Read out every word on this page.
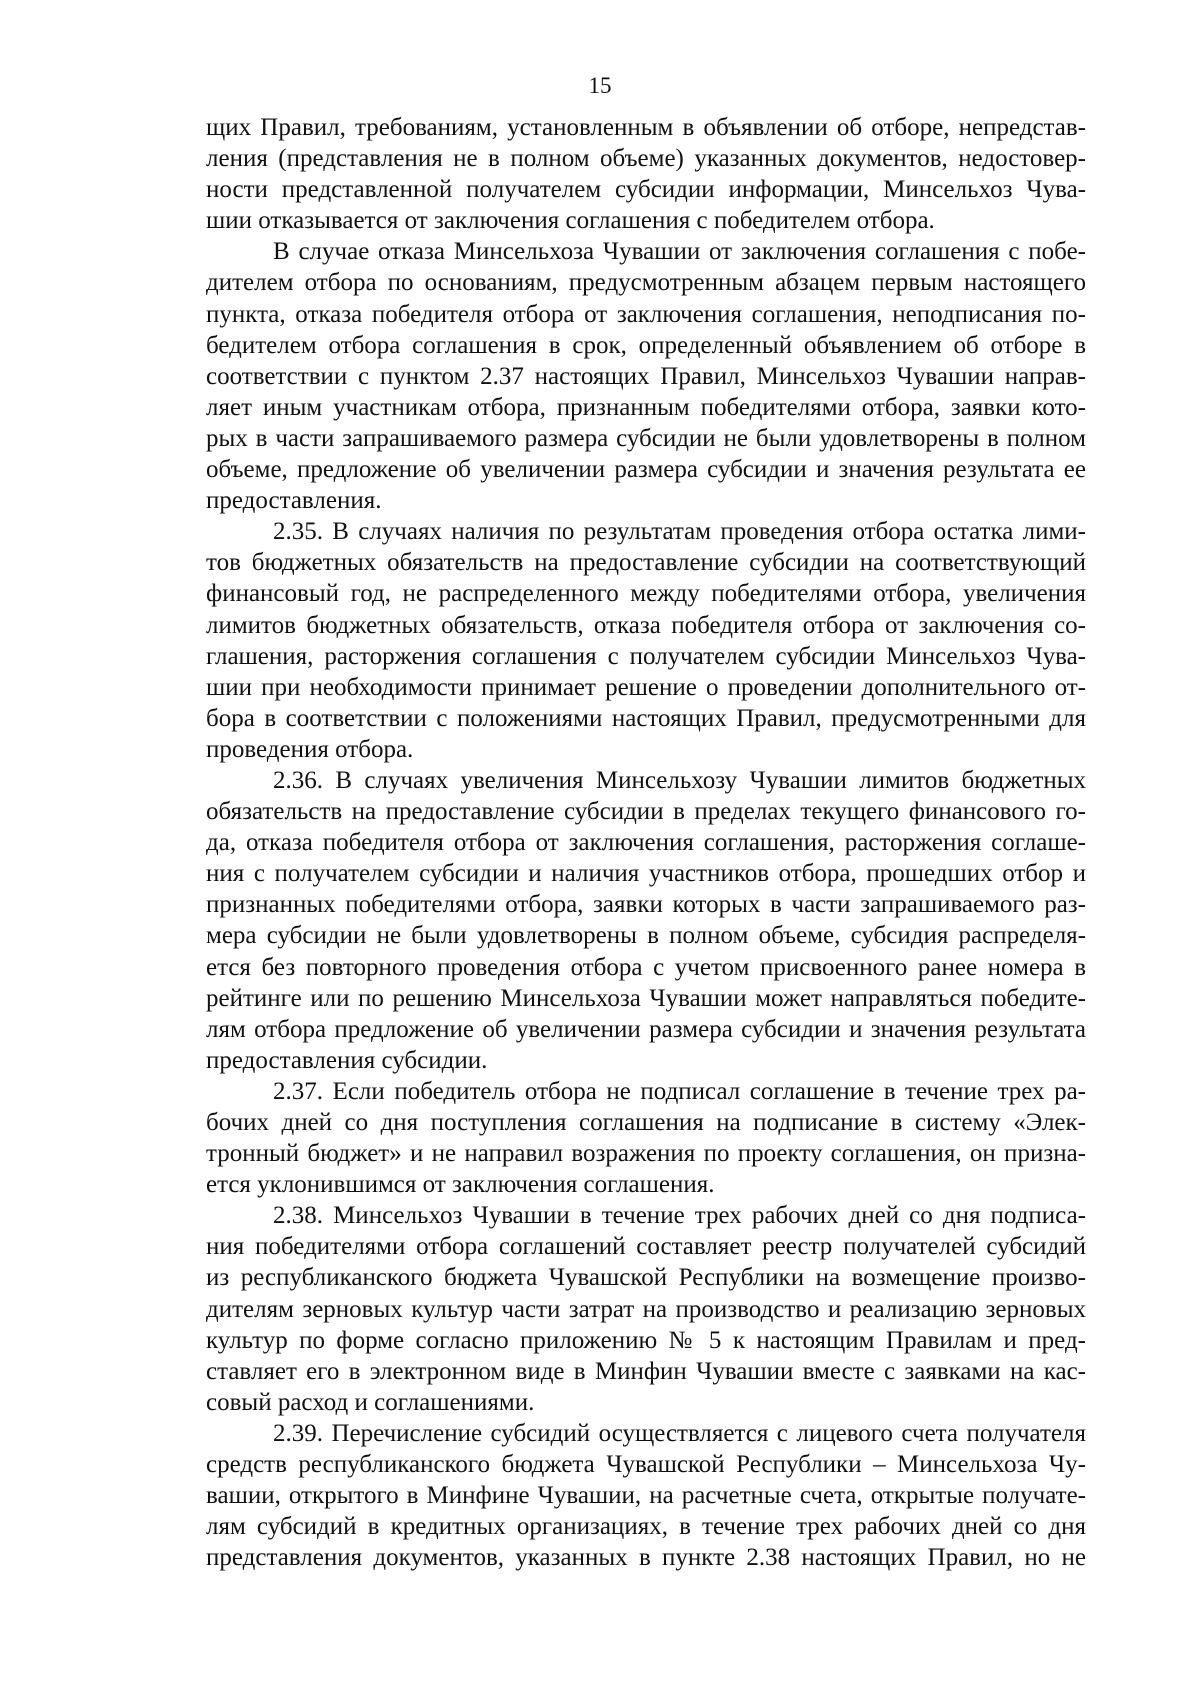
15
щих Правил, требованиям, установленным в объявлении об отборе, непредстав-
ления (представления не в полном объеме) указанных документов, недостовер-
ности представленной получателем субсидии информации, Минсельхоз Чува-
шии отказывается от заключения соглашения с победителем отбора.
В случае отказа Минсельхоза Чувашии от заключения соглашения с побе-
дителем отбора по основаниям, предусмотренным абзацем первым настоящего
пункта, отказа победителя отбора от заключения соглашения, неподписания по-
бедителем отбора соглашения в срок, определенный объявлением об отборе в
соответствии с пунктом 2.37 настоящих Правил, Минсельхоз Чувашии направ-
ляет иным участникам отбора, признанным победителями отбора, заявки кото-
рых в части запрашиваемого размера субсидии не были удовлетворены в полном
объеме, предложение об увеличении размера субсидии и значения результата ее
предоставления.
2.35. В случаях наличия по результатам проведения отбора остатка лими-
тов бюджетных обязательств на предоставление субсидии на соответствующий
финансовый год, не распределенного между победителями отбора, увеличения
лимитов бюджетных обязательств, отказа победителя отбора от заключения со-
глашения, расторжения соглашения с получателем субсидии Минсельхоз Чува-
шии при необходимости принимает решение о проведении дополнительного от-
бора в соответствии с положениями настоящих Правил, предусмотренными для
проведения отбора.
2.36. В случаях увеличения Минсельхозу Чувашии лимитов бюджетных
обязательств на предоставление субсидии в пределах текущего финансового го-
да, отказа победителя отбора от заключения соглашения, расторжения соглаше-
ния с получателем субсидии и наличия участников отбора, прошедших отбор и
признанных победителями отбора, заявки которых в части запрашиваемого раз-
мера субсидии не были удовлетворены в полном объеме, субсидия распределя-
ется без повторного проведения отбора с учетом присвоенного ранее номера в
рейтинге или по решению Минсельхоза Чувашии может направляться победите-
лям отбора предложение об увеличении размера субсидии и значения результата
предоставления субсидии.
2.37. Если победитель отбора не подписал соглашение в течение трех ра-
бочих дней со дня поступления соглашения на подписание в систему «Элек-
тронный бюджет» и не направил возражения по проекту соглашения, он призна-
ется уклонившимся от заключения соглашения.
2.38. Минсельхоз Чувашии в течение трех рабочих дней со дня подписа-
ния победителями отбора соглашений составляет реестр получателей субсидий
из республиканского бюджета Чувашской Республики на возмещение произво-
дителям зерновых культур части затрат на производство и реализацию зерновых
культур по форме согласно приложению № 5 к настоящим Правилам и пред-
ставляет его в электронном виде в Минфин Чувашии вместе с заявками на кас-
совый расход и соглашениями.
2.39. Перечисление субсидий осуществляется с лицевого счета получателя
средств республиканского бюджета Чувашской Республики – Минсельхоза Чу-
вашии, открытого в Минфине Чувашии, на расчетные счета, открытые получате-
лям субсидий в кредитных организациях, в течение трех рабочих дней со дня
представления документов, указанных в пункте 2.38 настоящих Правил, но не
